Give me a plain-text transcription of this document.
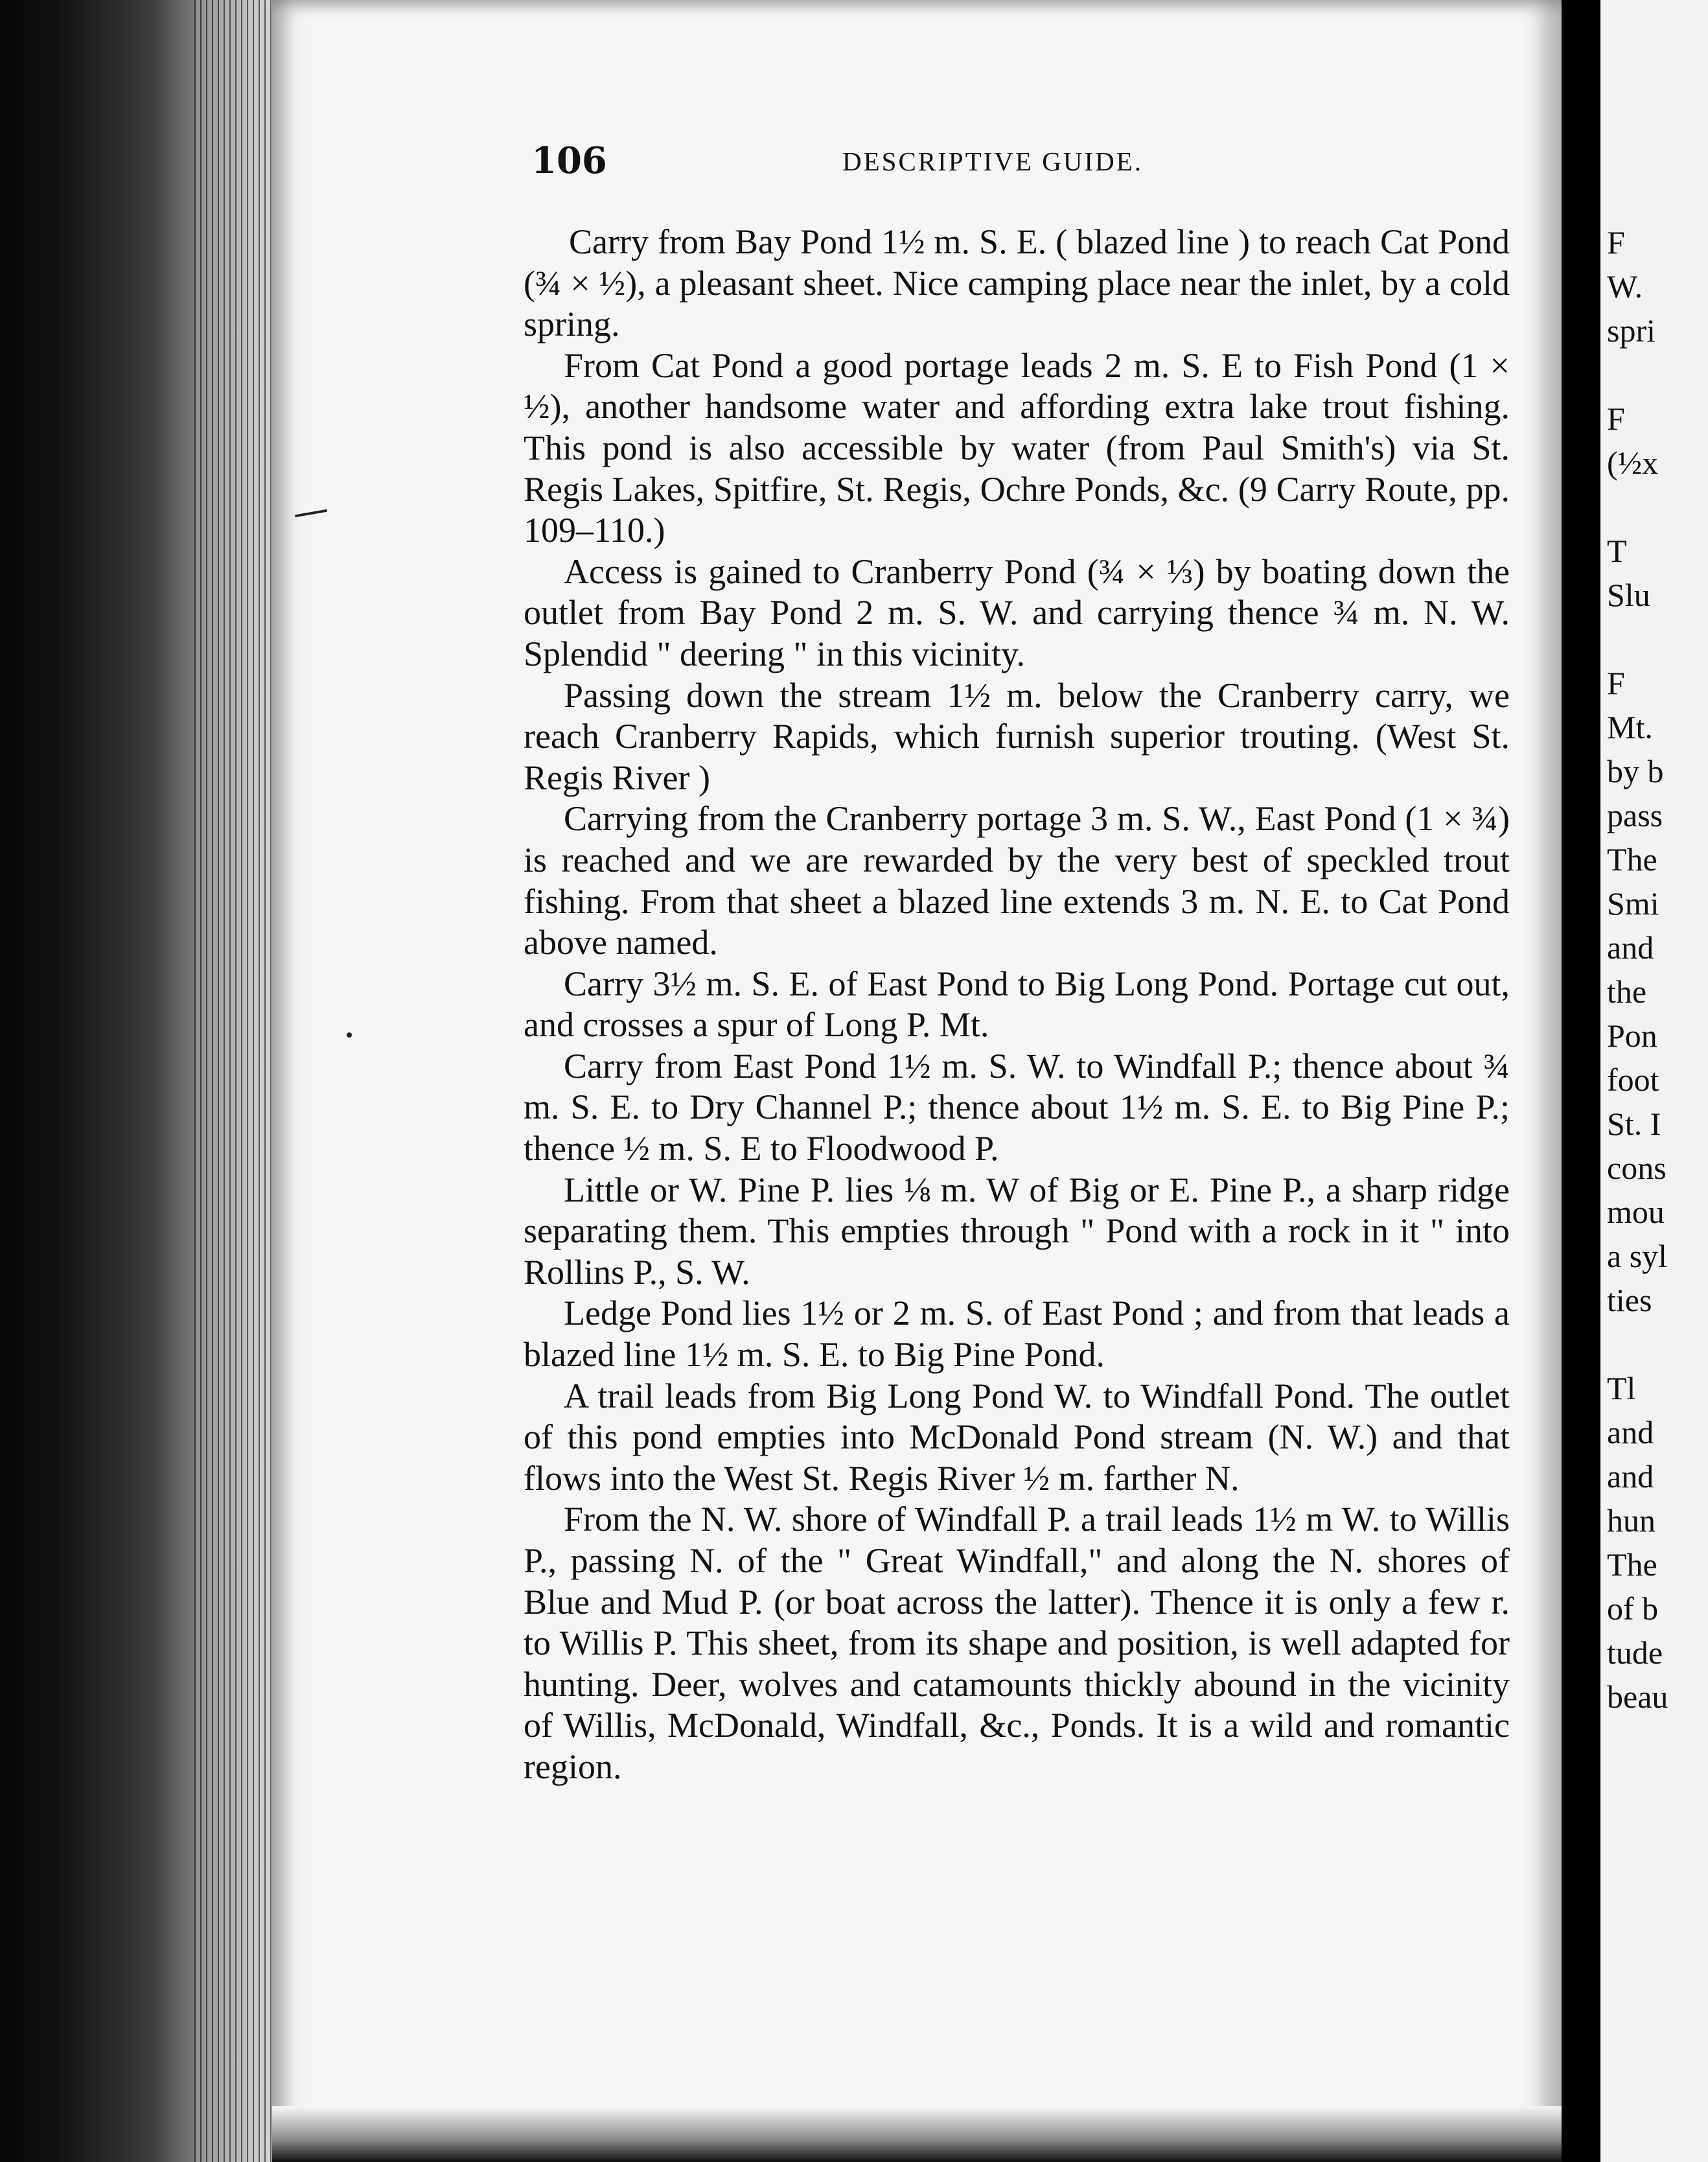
106	DESCRIPTIVE GUIDE.

Carry from Bay Pond 1½ m. S. E. ( blazed line ) to reach Cat Pond (¾ × ½), a pleasant sheet. Nice camping place near the inlet, by a cold spring.

From Cat Pond a good portage leads 2 m. S. E to Fish Pond (1 × ½), another handsome water and affording extra lake trout fishing. This pond is also accessible by water (from Paul Smith's) via St. Regis Lakes, Spitfire, St. Regis, Ochre Ponds, &c. (9 Carry Route, pp. 109–110.)

Access is gained to Cranberry Pond (¾ × ⅓) by boating down the outlet from Bay Pond 2 m. S. W. and carrying thence ¾ m. N. W. Splendid " deering " in this vicinity.

Passing down the stream 1½ m. below the Cranberry carry, we reach Cranberry Rapids, which furnish superior trouting. (West St. Regis River )

Carrying from the Cranberry portage 3 m. S. W., East Pond (1 × ¾) is reached and we are rewarded by the very best of speckled trout fishing. From that sheet a blazed line extends 3 m. N. E. to Cat Pond above named.

Carry 3½ m. S. E. of East Pond to Big Long Pond. Portage cut out, and crosses a spur of Long P. Mt.

Carry from East Pond 1½ m. S. W. to Windfall P.; thence about ¾ m. S. E. to Dry Channel P.; thence about 1½ m. S. E. to Big Pine P.; thence ½ m. S. E to Floodwood P.

Little or W. Pine P. lies ⅛ m. W of Big or E. Pine P., a sharp ridge separating them. This empties through " Pond with a rock in it " into Rollins P., S. W.

Ledge Pond lies 1½ or 2 m. S. of East Pond ; and from that leads a blazed line 1½ m. S. E. to Big Pine Pond.

A trail leads from Big Long Pond W. to Windfall Pond. The outlet of this pond empties into McDonald Pond stream (N. W.) and that flows into the West St. Regis River ½ m. farther N.

From the N. W. shore of Windfall P. a trail leads 1½ m W. to Willis P., passing N. of the " Great Windfall," and along the N. shores of Blue and Mud P. (or boat across the latter). Thence it is only a few r. to Willis P. This sheet, from its shape and position, is well adapted for hunting. Deer, wolves and catamounts thickly abound in the vicinity of Willis, McDonald, Windfall, &c., Ponds. It is a wild and romantic region.

F
W.
spri
F
(½x
T
Slu
F
Mt.
by b
pass
The
Smi
and
the
Pon
foot
St. I
cons
mou
a syl
ties
Tl
and
and
hun
The
of b
tude
beau
